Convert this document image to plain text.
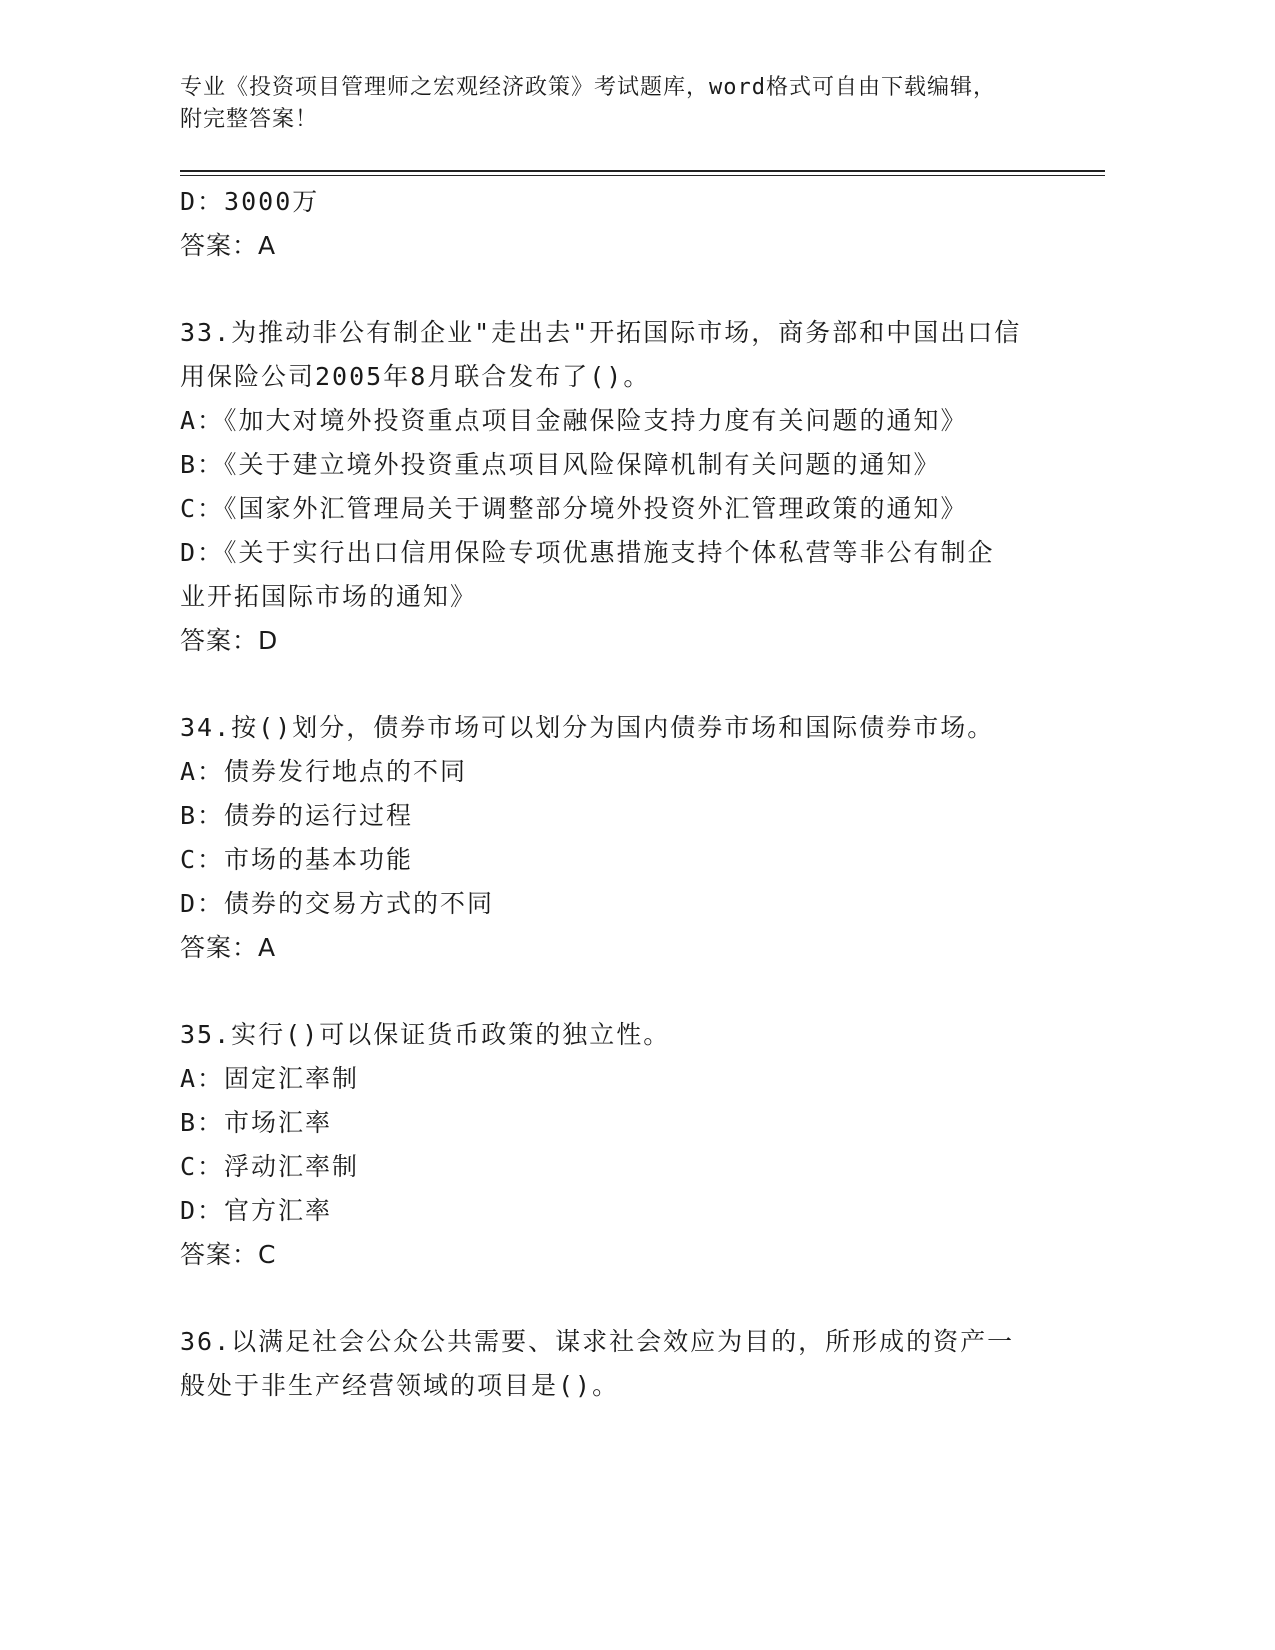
专业《投资项目管理师之宏观经济政策》考试题库，word格式可自由下载编辑，
附完整答案！
D：3000万
答案：A
33.为推动非公有制企业"走出去"开拓国际市场，商务部和中国出口信
用保险公司2005年8月联合发布了()。
A：《加大对境外投资重点项目金融保险支持力度有关问题的通知》
B：《关于建立境外投资重点项目风险保障机制有关问题的通知》
C：《国家外汇管理局关于调整部分境外投资外汇管理政策的通知》
D：《关于实行出口信用保险专项优惠措施支持个体私营等非公有制企
业开拓国际市场的通知》
答案：D
34.按()划分，债券市场可以划分为国内债券市场和国际债券市场。
A：债券发行地点的不同
B：债券的运行过程
C：市场的基本功能
D：债券的交易方式的不同
答案：A
35.实行()可以保证货币政策的独立性。
A：固定汇率制
B：市场汇率
C：浮动汇率制
D：官方汇率
答案：C
36.以满足社会公众公共需要、谋求社会效应为目的，所形成的资产一
般处于非生产经营领域的项目是()。
